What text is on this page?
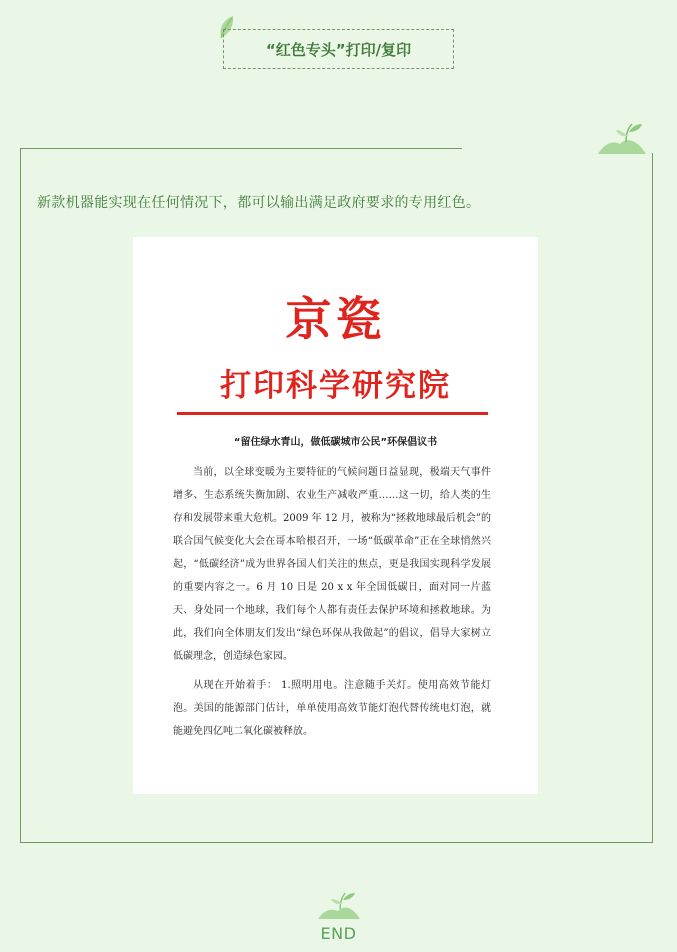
“红色专头”打印/复印
新款机器能实现在任何情况下，都可以输出满足政府要求的专用红色。
京瓷
打印科学研究院
“留住绿水青山，做低碳城市公民”环保倡议书

当前，以全球变暖为主要特征的气候问题日益显现，极端天气事件增多、生态系统失衡加剧、农业生产减收严重……这一切，给人类的生存和发展带来重大危机。2009 年 12 月，被称为“拯救地球最后机会”的联合国气候变化大会在哥本哈根召开，一场“低碳革命”正在全球悄然兴起，“低碳经济”成为世界各国人们关注的焦点，更是我国实现科学发展的重要内容之一。6 月 10 日是 20 x x 年全国低碳日，面对同一片蓝天、身处同一个地球，我们每个人都有责任去保护环境和拯救地球。为此，我们向全体朋友们发出“绿色环保从我做起”的倡议，倡导大家树立低碳理念，创造绿色家园。

从现在开始着手： 1.照明用电。注意随手关灯。使用高效节能灯泡。美国的能源部门估计，单单使用高效节能灯泡代替传统电灯泡，就能避免四亿吨二氧化碳被释放。

END
